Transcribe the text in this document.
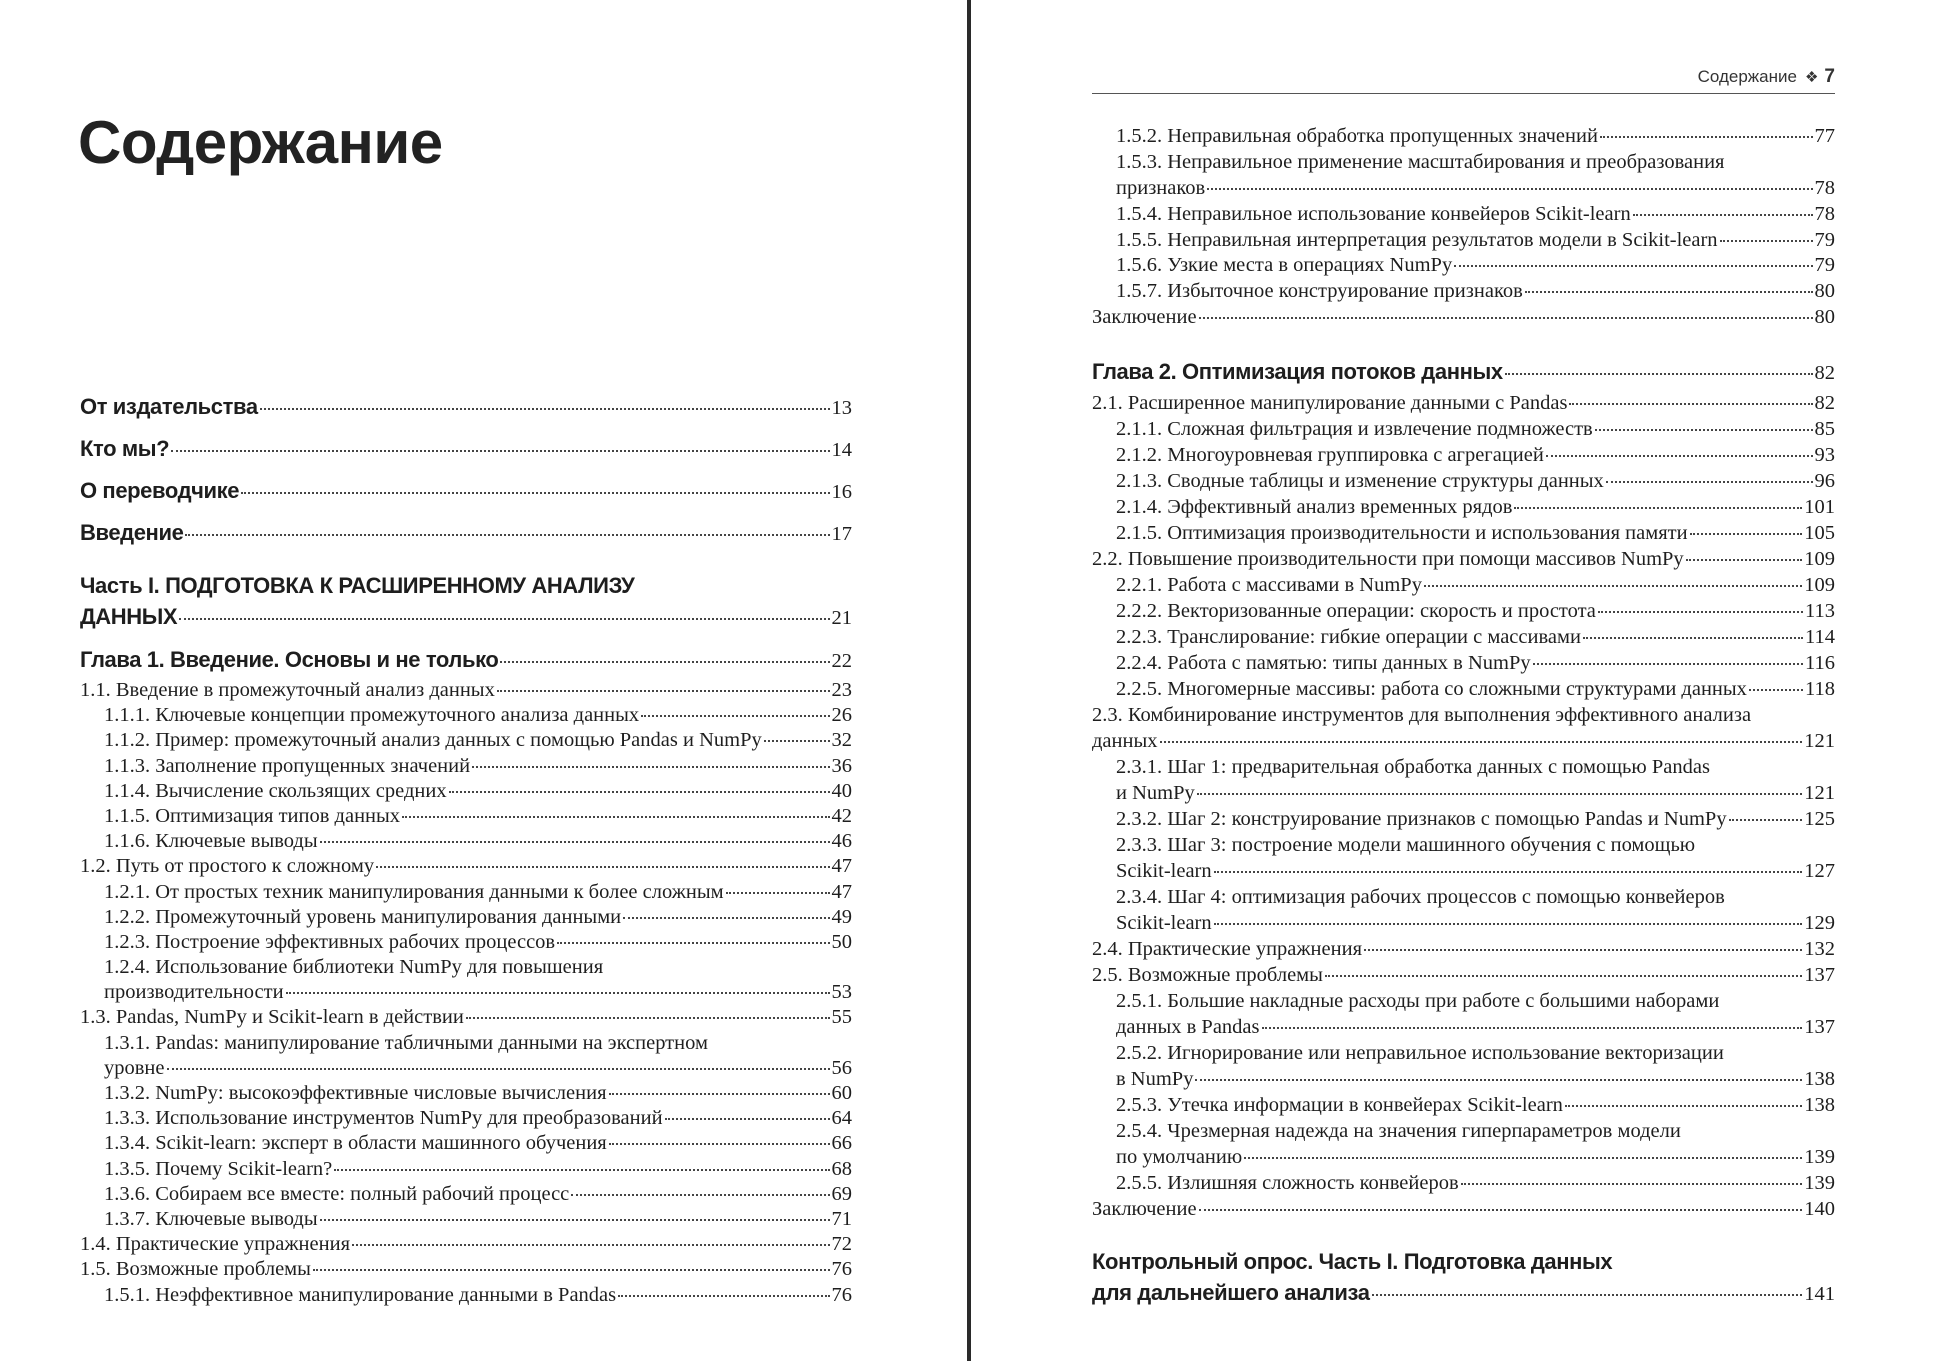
Содержание
От издательства	13
Кто мы?	14
О переводчике	16
Введение	17
Часть I. ПОДГОТОВКА К РАСШИРЕННОМУ АНАЛИЗУ
ДАННЫХ	21
Глава 1. Введение. Основы и не только	22
1.1. Введение в промежуточный анализ данных	23
1.1.1. Ключевые концепции промежуточного анализа данных	26
1.1.2. Пример: промежуточный анализ данных с помощью Pandas и NumPy	32
1.1.3. Заполнение пропущенных значений	36
1.1.4. Вычисление скользящих средних	40
1.1.5. Оптимизация типов данных	42
1.1.6. Ключевые выводы	46
1.2. Путь от простого к сложному	47
1.2.1. От простых техник манипулирования данными к более сложным	47
1.2.2. Промежуточный уровень манипулирования данными	49
1.2.3. Построение эффективных рабочих процессов	50
1.2.4. Использование библиотеки NumPy для повышения
производительности	53
1.3. Pandas, NumPy и Scikit-learn в действии	55
1.3.1. Pandas: манипулирование табличными данными на экспертном
уровне	56
1.3.2. NumPy: высокоэффективные числовые вычисления	60
1.3.3. Использование инструментов NumPy для преобразований	64
1.3.4. Scikit-learn: эксперт в области машинного обучения	66
1.3.5. Почему Scikit-learn?	68
1.3.6. Собираем все вместе: полный рабочий процесс	69
1.3.7. Ключевые выводы	71
1.4. Практические упражнения	72
1.5. Возможные проблемы	76
1.5.1. Неэффективное манипулирование данными в Pandas	76
Содержание ❖ 7
1.5.2. Неправильная обработка пропущенных значений	77
1.5.3. Неправильное применение масштабирования и преобразования
признаков	78
1.5.4. Неправильное использование конвейеров Scikit-learn	78
1.5.5. Неправильная интерпретация результатов модели в Scikit-learn	79
1.5.6. Узкие места в операциях NumPy	79
1.5.7. Избыточное конструирование признаков	80
Заключение	80
Глава 2. Оптимизация потоков данных	82
2.1. Расширенное манипулирование данными с Pandas	82
2.1.1. Сложная фильтрация и извлечение подмножеств	85
2.1.2. Многоуровневая группировка с агрегацией	93
2.1.3. Сводные таблицы и изменение структуры данных	96
2.1.4. Эффективный анализ временных рядов	101
2.1.5. Оптимизация производительности и использования памяти	105
2.2. Повышение производительности при помощи массивов NumPy	109
2.2.1. Работа с массивами в NumPy	109
2.2.2. Векторизованные операции: скорость и простота	113
2.2.3. Транслирование: гибкие операции с массивами	114
2.2.4. Работа с памятью: типы данных в NumPy	116
2.2.5. Многомерные массивы: работа со сложными структурами данных	118
2.3. Комбинирование инструментов для выполнения эффективного анализа
данных	121
2.3.1. Шаг 1: предварительная обработка данных с помощью Pandas
и NumPy	121
2.3.2. Шаг 2: конструирование признаков с помощью Pandas и NumPy	125
2.3.3. Шаг 3: построение модели машинного обучения с помощью
Scikit-learn	127
2.3.4. Шаг 4: оптимизация рабочих процессов с помощью конвейеров
Scikit-learn	129
2.4. Практические упражнения	132
2.5. Возможные проблемы	137
2.5.1. Большие накладные расходы при работе с большими наборами
данных в Pandas	137
2.5.2. Игнорирование или неправильное использование векторизации
в NumPy	138
2.5.3. Утечка информации в конвейерах Scikit-learn	138
2.5.4. Чрезмерная надежда на значения гиперпараметров модели
по умолчанию	139
2.5.5. Излишняя сложность конвейеров	139
Заключение	140
Контрольный опрос. Часть I. Подготовка данных
для дальнейшего анализа	141
